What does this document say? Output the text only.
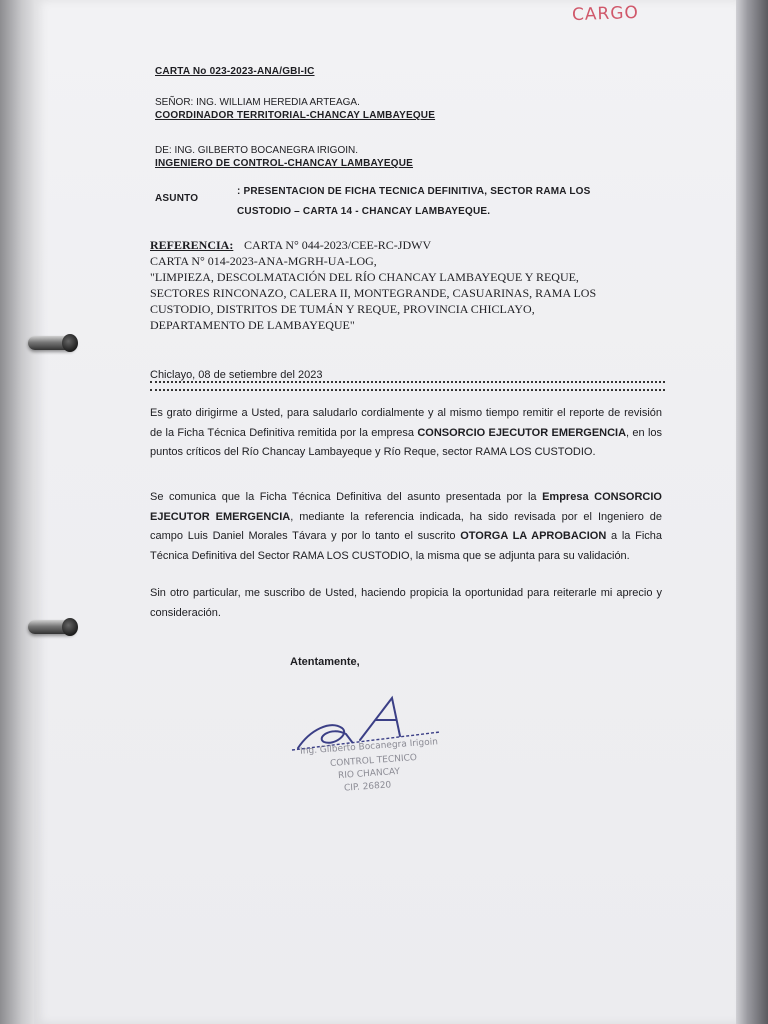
CARGO
CARTA No 023-2023-ANA/GBI-IC
SEÑOR: ING. WILLIAM HEREDIA ARTEAGA.
COORDINADOR TERRITORIAL-CHANCAY LAMBAYEQUE
DE: ING. GILBERTO BOCANEGRA IRIGOIN.
INGENIERO DE CONTROL-CHANCAY LAMBAYEQUE
ASUNTO
: PRESENTACION DE FICHA TECNICA DEFINITIVA, SECTOR RAMA LOS
CUSTODIO – CARTA 14 - CHANCAY LAMBAYEQUE.
REFERENCIA: CARTA N° 044-2023/CEE-RC-JDWV
CARTA N° 014-2023-ANA-MGRH-UA-LOG,
"LIMPIEZA, DESCOLMATACIÓN DEL RÍO CHANCAY LAMBAYEQUE Y REQUE,
SECTORES RINCONAZO, CALERA II, MONTEGRANDE, CASUARINAS, RAMA LOS
CUSTODIO, DISTRITOS DE TUMÁN Y REQUE, PROVINCIA CHICLAYO,
DEPARTAMENTO DE LAMBAYEQUE"
Chiclayo, 08 de setiembre del 2023

Es grato dirigirme a Usted, para saludarlo cordialmente y al mismo tiempo remitir el reporte de revisión de la Ficha Técnica Definitiva remitida por la empresa CONSORCIO EJECUTOR EMERGENCIA, en los puntos críticos del Río Chancay Lambayeque y Río Reque, sector RAMA LOS CUSTODIO.

Se comunica que la Ficha Técnica Definitiva del asunto presentada por la Empresa CONSORCIO EJECUTOR EMERGENCIA, mediante la referencia indicada, ha sido revisada por el Ingeniero de campo Luis Daniel Morales Távara y por lo tanto el suscrito OTORGA LA APROBACION a la Ficha Técnica Definitiva del Sector RAMA LOS CUSTODIO, la misma que se adjunta para su validación.

Sin otro particular, me suscribo de Usted, haciendo propicia la oportunidad para reiterarle mi aprecio y consideración.

Atentamente,
Ing. Gilberto Bocanegra Irigoin
CONTROL TECNICO
RIO CHANCAY
CIP. 26820
